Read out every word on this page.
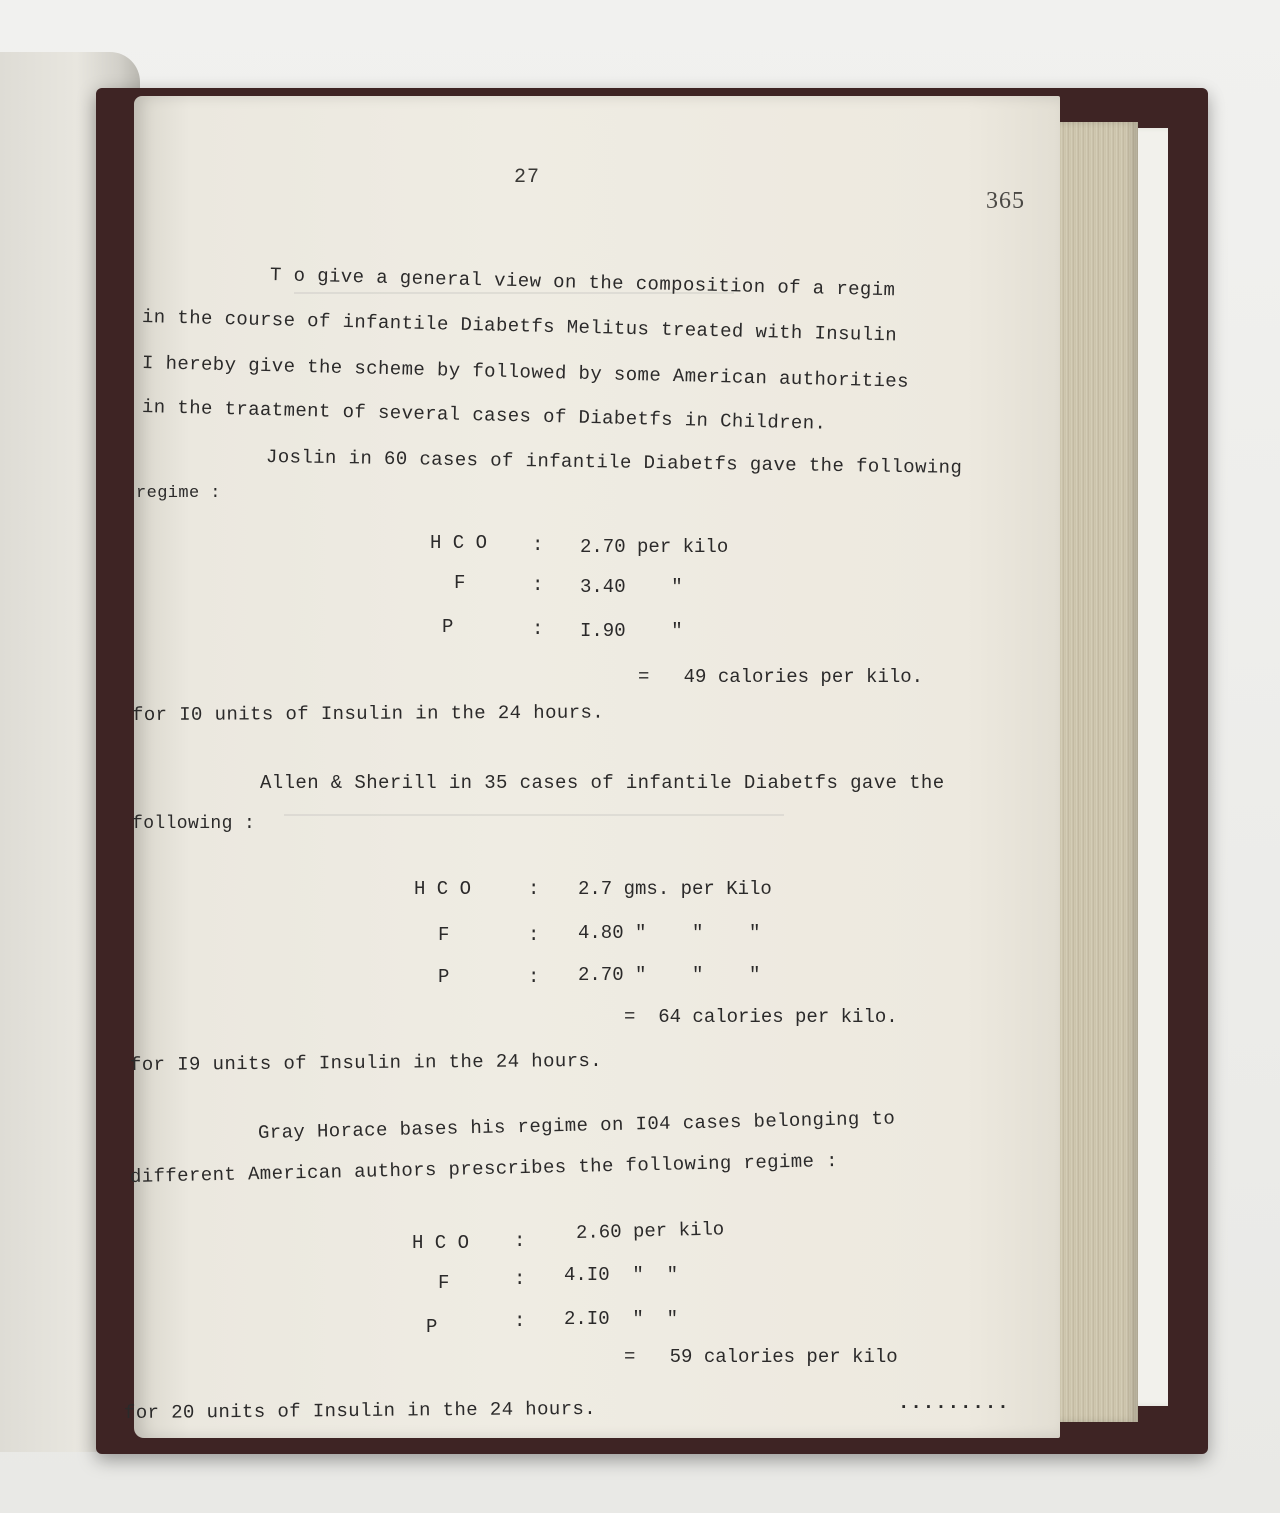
27
365
T o give a general view on the composition of a regim
in the course of infantile Diabetfs Melitus treated with Insulin
I hereby give the scheme by followed by some American authorities
in the traatment of several cases of Diabetfs in Children.
Joslin in 60 cases of infantile Diabetfs gave the following
regime :
H C O : 2.70 per kilo
F	: 3.40    "
P	: I.90    "
=   49 calories per kilo.
for I0 units of Insulin in the 24 hours.
Allen & Sherill in 35 cases of infantile Diabetfs gave the
following :
H C O	: 2.7 gms. per Kilo
F	: 4.80 "    "    "
P	: 2.70 "    "    "
=  64 calories per kilo.
for I9 units of Insulin in the 24 hours.
Gray Horace bases his regime on I04 cases belonging to
different American authors prescribes the following regime :
H C O :	2.60 per kilo
F	: 4.I0  "  "
P	: 2.I0  "  "
=   59 calories per kilo
for 20 units of Insulin in the 24 hours.	.........
